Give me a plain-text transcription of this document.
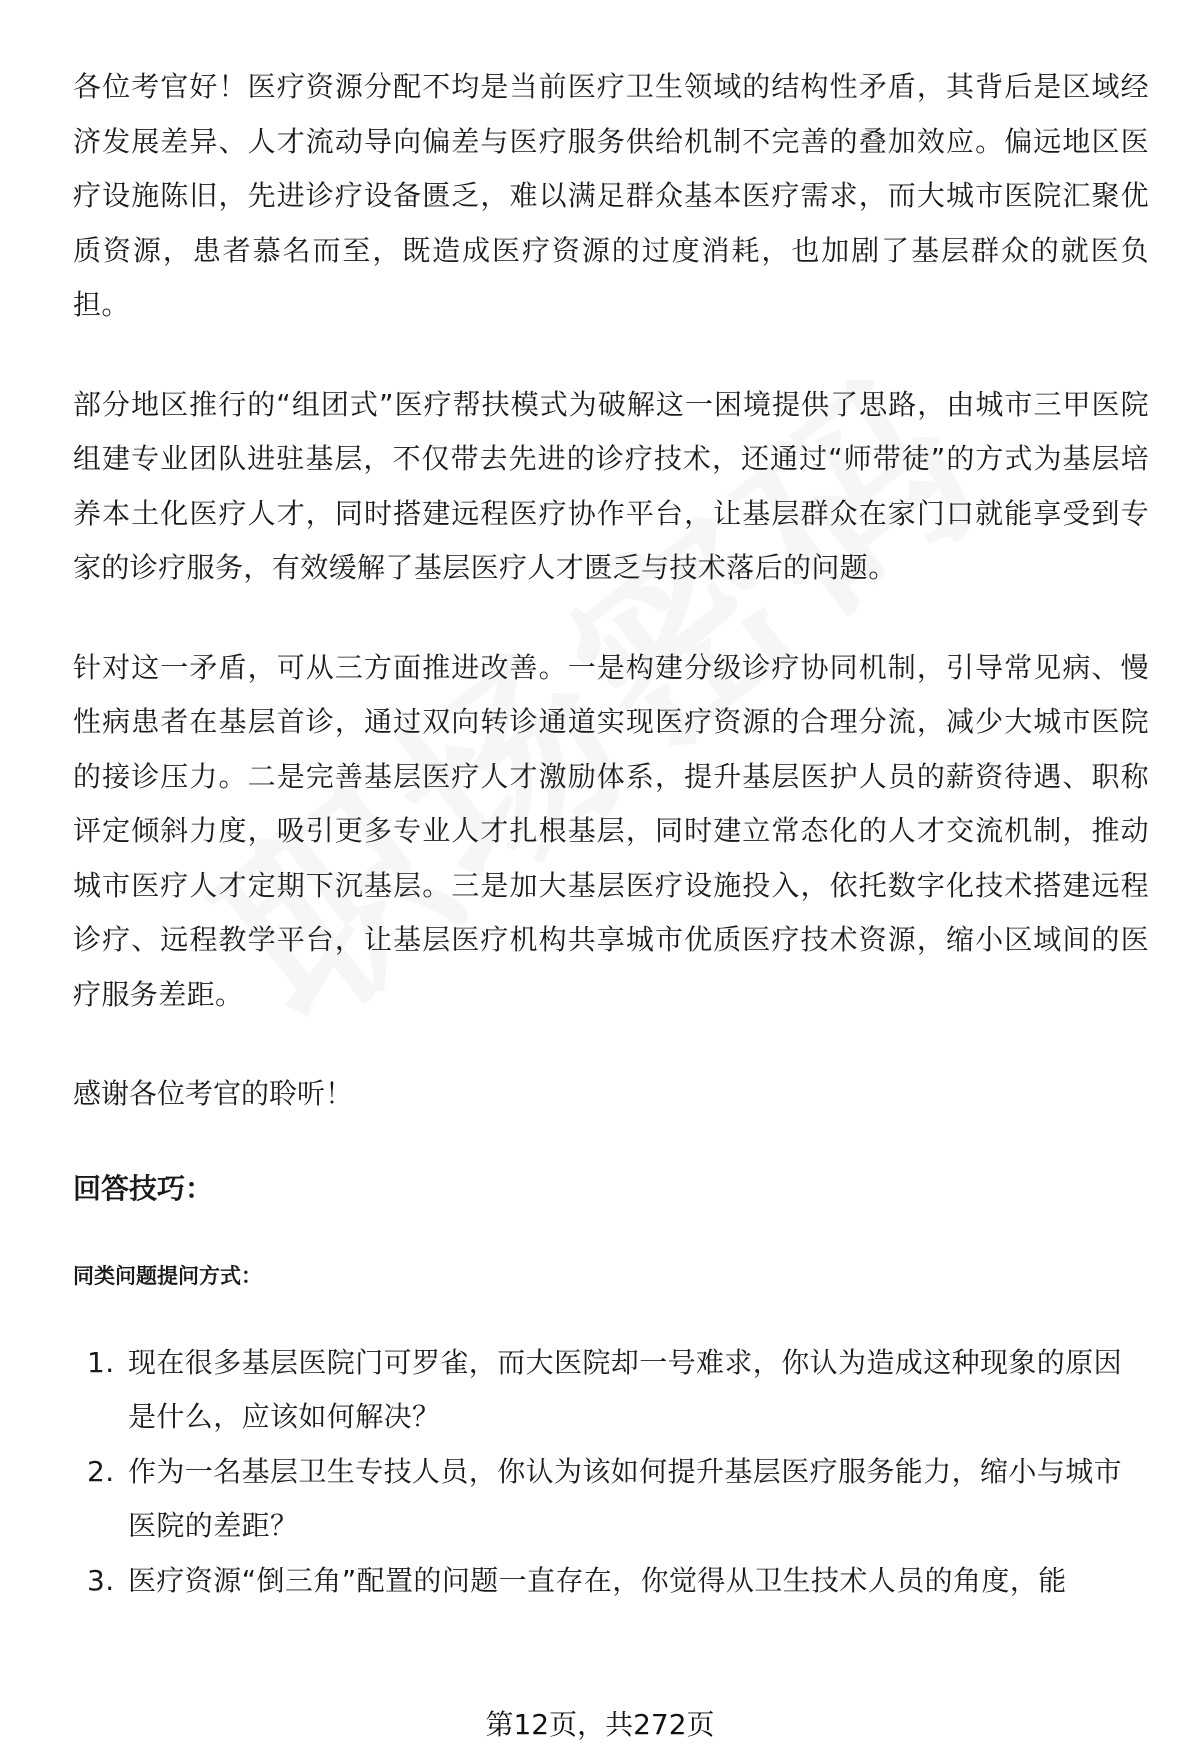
各位考官好！医疗资源分配不均是当前医疗卫生领域的结构性矛盾，其背后是区域经济发展差异、人才流动导向偏差与医疗服务供给机制不完善的叠加效应。偏远地区医疗设施陈旧，先进诊疗设备匮乏，难以满足群众基本医疗需求，而大城市医院汇聚优质资源，患者慕名而至，既造成医疗资源的过度消耗，也加剧了基层群众的就医负担。

部分地区推行的“组团式”医疗帮扶模式为破解这一困境提供了思路，由城市三甲医院组建专业团队进驻基层，不仅带去先进的诊疗技术，还通过“师带徒”的方式为基层培养本土化医疗人才，同时搭建远程医疗协作平台，让基层群众在家门口就能享受到专家的诊疗服务，有效缓解了基层医疗人才匮乏与技术落后的问题。

针对这一矛盾，可从三方面推进改善。一是构建分级诊疗协同机制，引导常见病、慢性病患者在基层首诊，通过双向转诊通道实现医疗资源的合理分流，减少大城市医院的接诊压力。二是完善基层医疗人才激励体系，提升基层医护人员的薪资待遇、职称评定倾斜力度，吸引更多专业人才扎根基层，同时建立常态化的人才交流机制，推动城市医疗人才定期下沉基层。三是加大基层医疗设施投入，依托数字化技术搭建远程诊疗、远程教学平台，让基层医疗机构共享城市优质医疗技术资源，缩小区域间的医疗服务差距。

感谢各位考官的聆听！

回答技巧：
同类问题提问方式：
1. 现在很多基层医院门可罗雀，而大医院却一号难求，你认为造成这种现象的原因是什么，应该如何解决？
2. 作为一名基层卫生专技人员，你认为该如何提升基层医疗服务能力，缩小与城市医院的差距？
3. 医疗资源“倒三角”配置的问题一直存在，你觉得从卫生技术人员的角度，能
第12页，共272页
